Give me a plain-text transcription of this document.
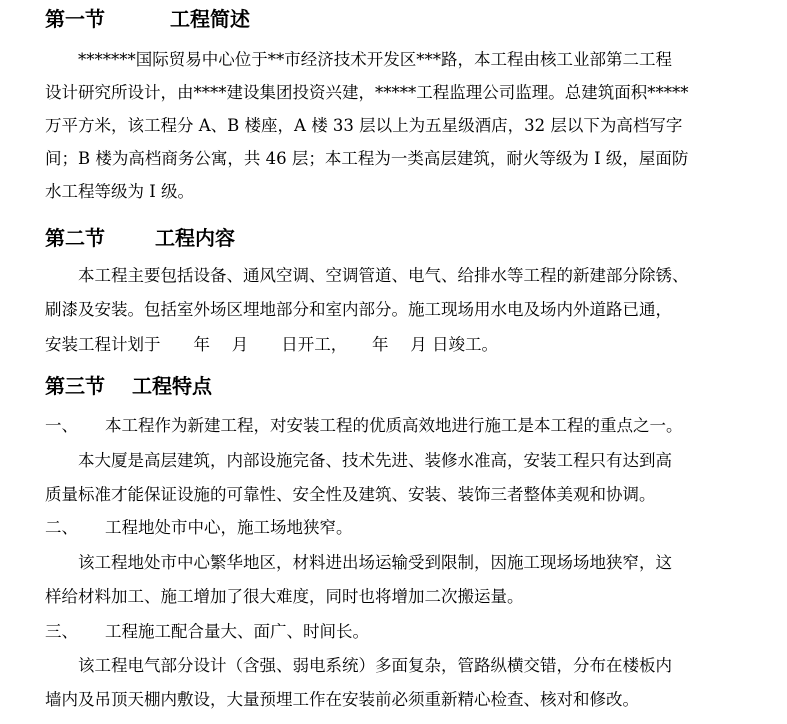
第一节	工程简述

*******国际贸易中心位于**市经济技术开发区***路，本工程由核工业部第二工程

设计研究所设计，由****建设集团投资兴建，*****工程监理公司监理。总建筑面积*****

万平方米，该工程分 A、B 楼座，A 楼 33 层以上为五星级酒店，32 层以下为高档写字

间；B 楼为高档商务公寓，共 46 层；本工程为一类高层建筑，耐火等级为 I 级，屋面防

水工程等级为 I 级。

第二节	工程内容

本工程主要包括设备、通风空调、空调管道、电气、给排水等工程的新建部分除锈、

刷漆及安装。包括室外场区埋地部分和室内部分。施工现场用水电及场内外道路已通，

安装工程计划于　　年　 月　　日开工，　　年　 月 日竣工。

第三节 工程特点

一、 本工程作为新建工程，对安装工程的优质高效地进行施工是本工程的重点之一。

本大厦是高层建筑，内部设施完备、技术先进、装修水准高，安装工程只有达到高

质量标准才能保证设施的可靠性、安全性及建筑、安装、装饰三者整体美观和协调。

二、 工程地处市中心，施工场地狭窄。

该工程地处市中心繁华地区，材料进出场运输受到限制，因施工现场场地狭窄，这

样给材料加工、施工增加了很大难度，同时也将增加二次搬运量。

三、 工程施工配合量大、面广、时间长。

该工程电气部分设计（含强、弱电系统）多面复杂，管路纵横交错，分布在楼板内

墙内及吊顶天棚内敷设，大量预埋工作在安装前必须重新精心检查、核对和修改。
